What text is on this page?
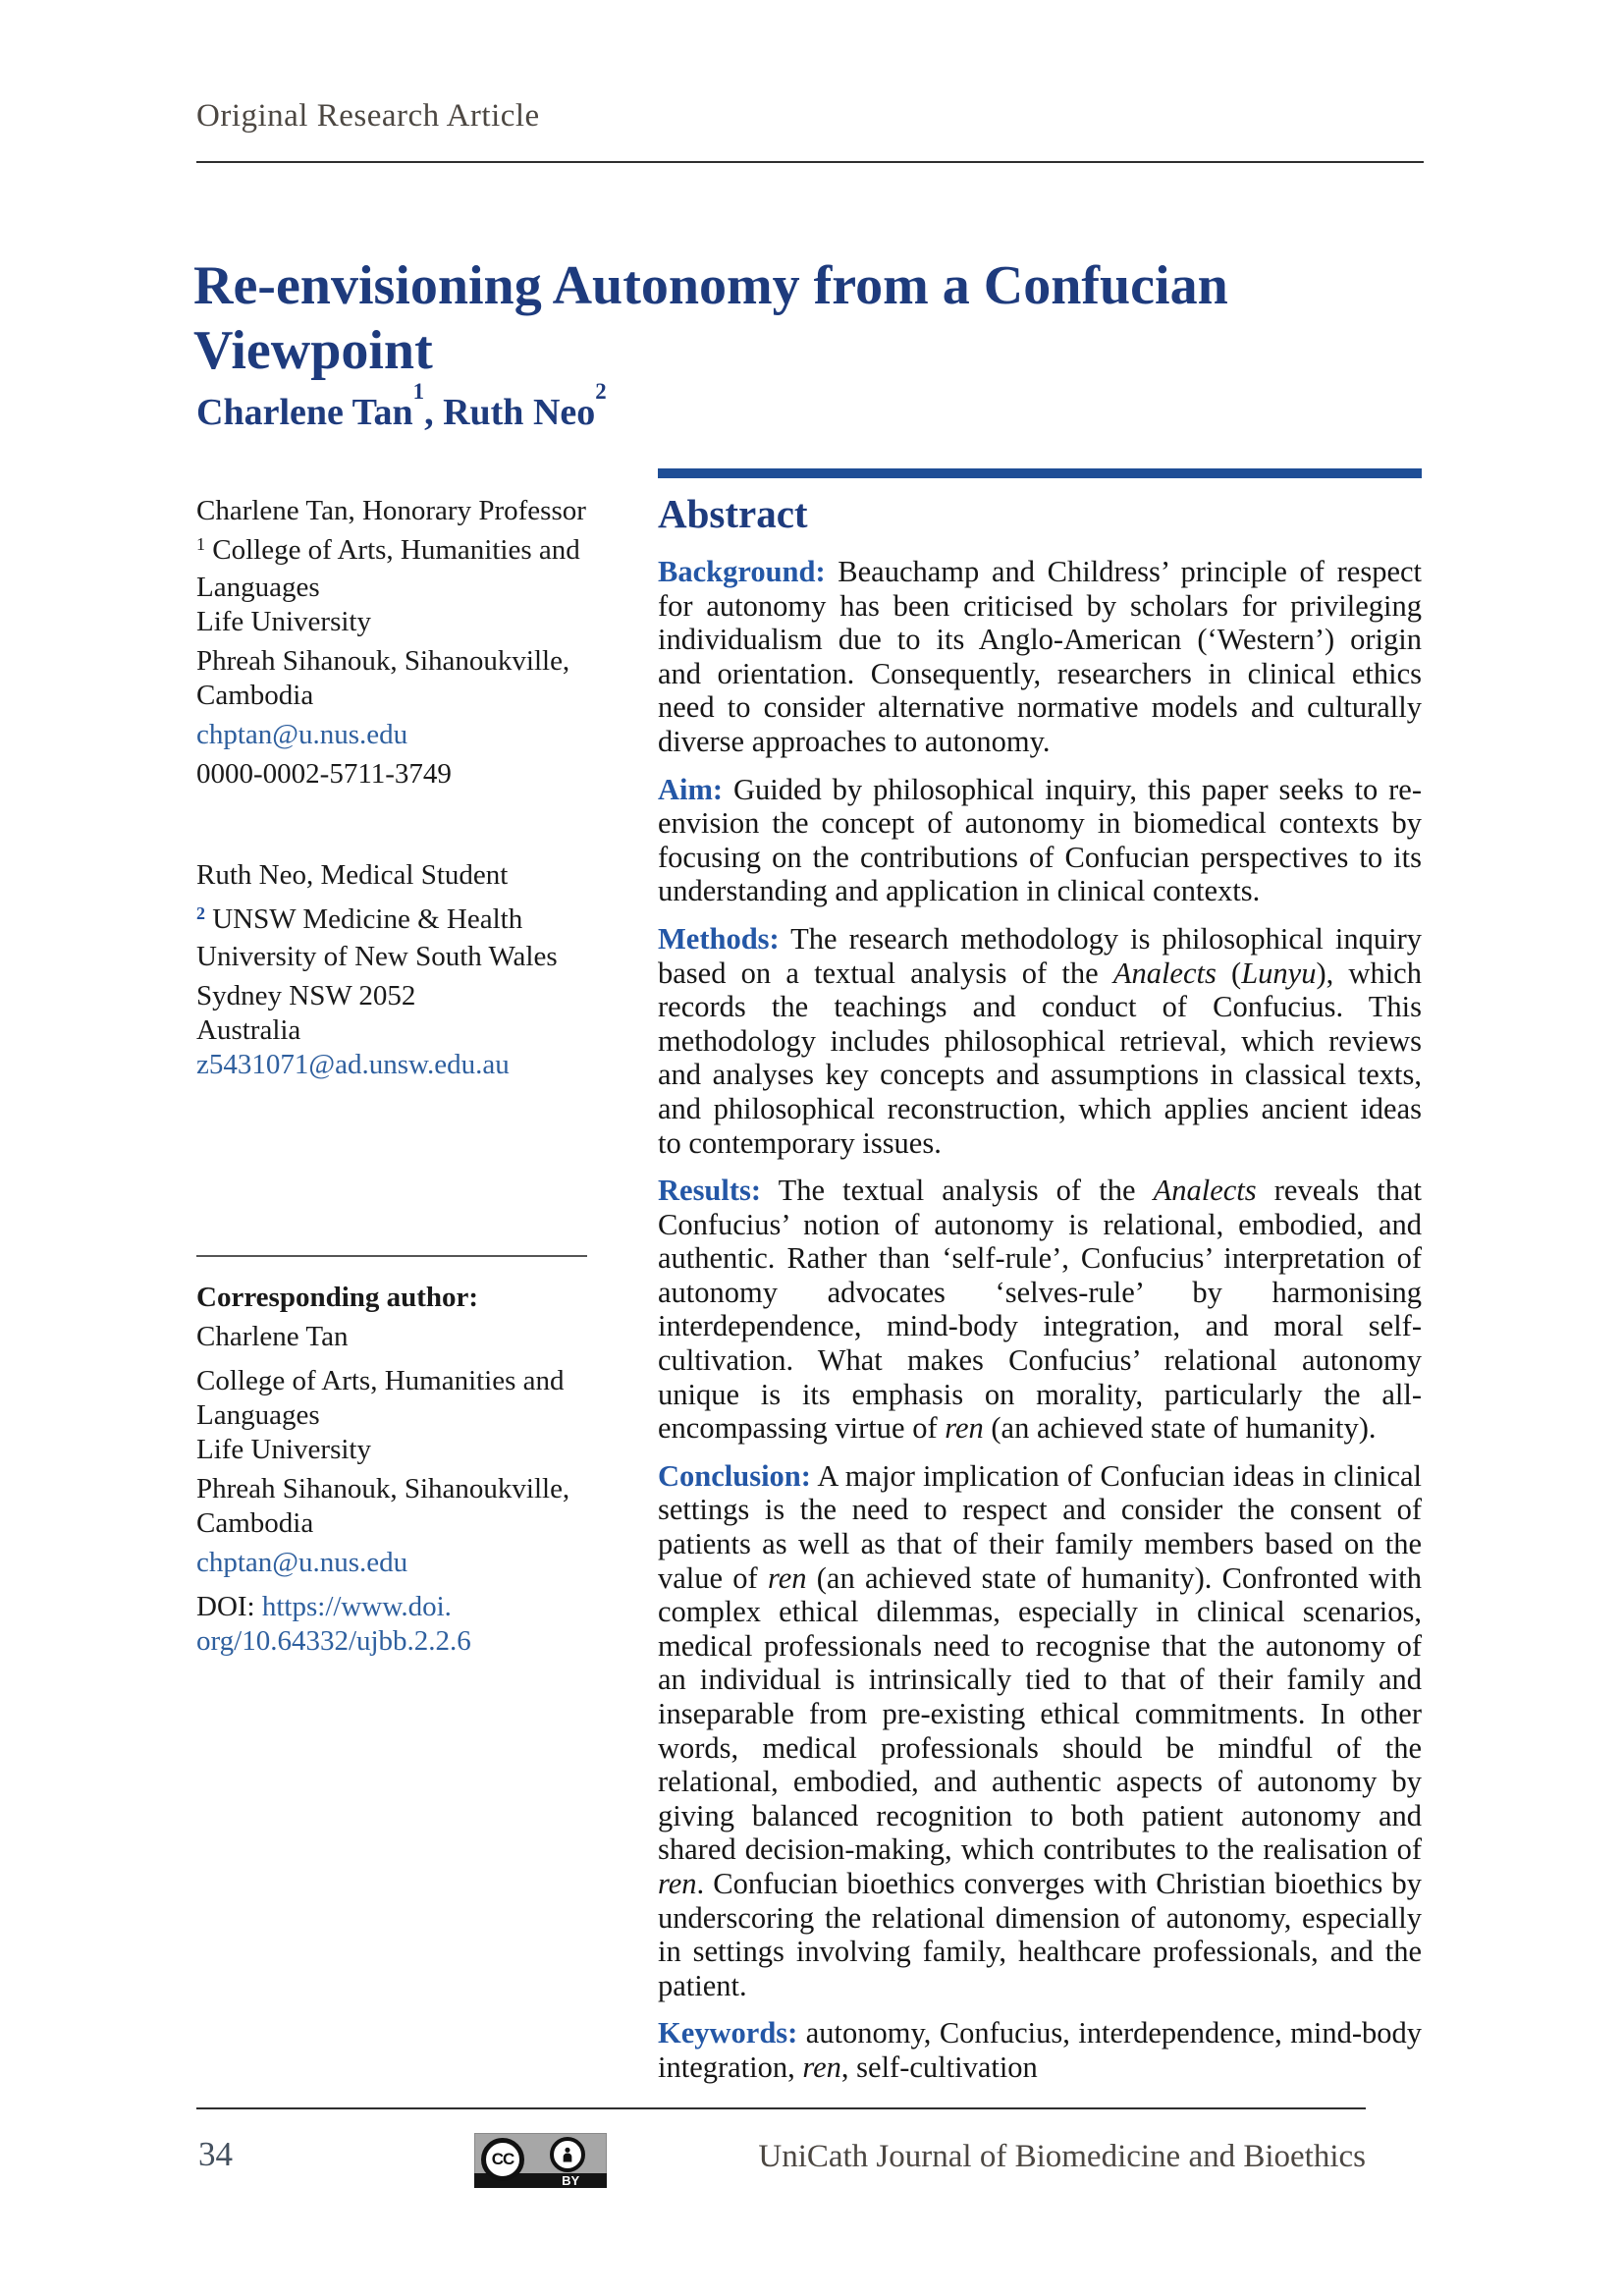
Original Research Article
Re-envisioning Autonomy from a Confucian Viewpoint
Charlene Tan$^1$, Ruth Neo$^2$

Charlene Tan, Honorary Professor

$^1$ College of Arts, Humanities and Languages
Life University

Phreah Sihanouk, Sihanoukville,
Cambodia

chptan@u.nus.edu

0000-0002-5711-3749

Ruth Neo, Medical Student

$^2$ UNSW Medicine & Health
University of New South Wales

Sydney NSW 2052
Australia
z5431071@ad.unsw.edu.au

Corresponding author:

Charlene Tan

College of Arts, Humanities and Languages
Life University

Phreah Sihanouk, Sihanoukville,
Cambodia

chptan@u.nus.edu

DOI: https://www.doi.
org/10.64332/ujbb.2.2.6

Abstract

Background: Beauchamp and Childress’ principle of respect for autonomy has been criticised by scholars for privileging individualism due to its Anglo-American (‘Western’) origin and orientation. Consequently, researchers in clinical ethics need to consider alternative normative models and culturally diverse approaches to autonomy.

Aim: Guided by philosophical inquiry, this paper seeks to re-envision the concept of autonomy in biomedical contexts by focusing on the contributions of Confucian perspectives to its understanding and application in clinical contexts.

Methods: The research methodology is philosophical inquiry based on a textual analysis of the Analects (Lunyu), which records the teachings and conduct of Confucius. This methodology includes philosophical retrieval, which reviews and analyses key concepts and assumptions in classical texts, and philosophical reconstruction, which applies ancient ideas to contemporary issues.

Results: The textual analysis of the Analects reveals that Confucius’ notion of autonomy is relational, embodied, and authentic. Rather than ‘self-rule’, Confucius’ interpretation of autonomy advocates ‘selves-rule’ by harmonising interdependence, mind-body integration, and moral self-cultivation. What makes Confucius’ relational autonomy unique is its emphasis on morality, particularly the all-encompassing virtue of ren (an achieved state of humanity).

Conclusion: A major implication of Confucian ideas in clinical settings is the need to respect and consider the consent of patients as well as that of their family members based on the value of ren (an achieved state of humanity). Confronted with complex ethical dilemmas, especially in clinical scenarios, medical professionals need to recognise that the autonomy of an individual is intrinsically tied to that of their family and inseparable from pre-existing ethical commitments. In other words, medical professionals should be mindful of the relational, embodied, and authentic aspects of autonomy by giving balanced recognition to both patient autonomy and shared decision-making, which contributes to the realisation of ren. Confucian bioethics converges with Christian bioethics by underscoring the relational dimension of autonomy, especially in settings involving family, healthcare professionals, and the patient.

Keywords: autonomy, Confucius, interdependence, mind-body integration, ren, self-cultivation

34	CC
BY
UniCath Journal of Biomedicine and Bioethics
